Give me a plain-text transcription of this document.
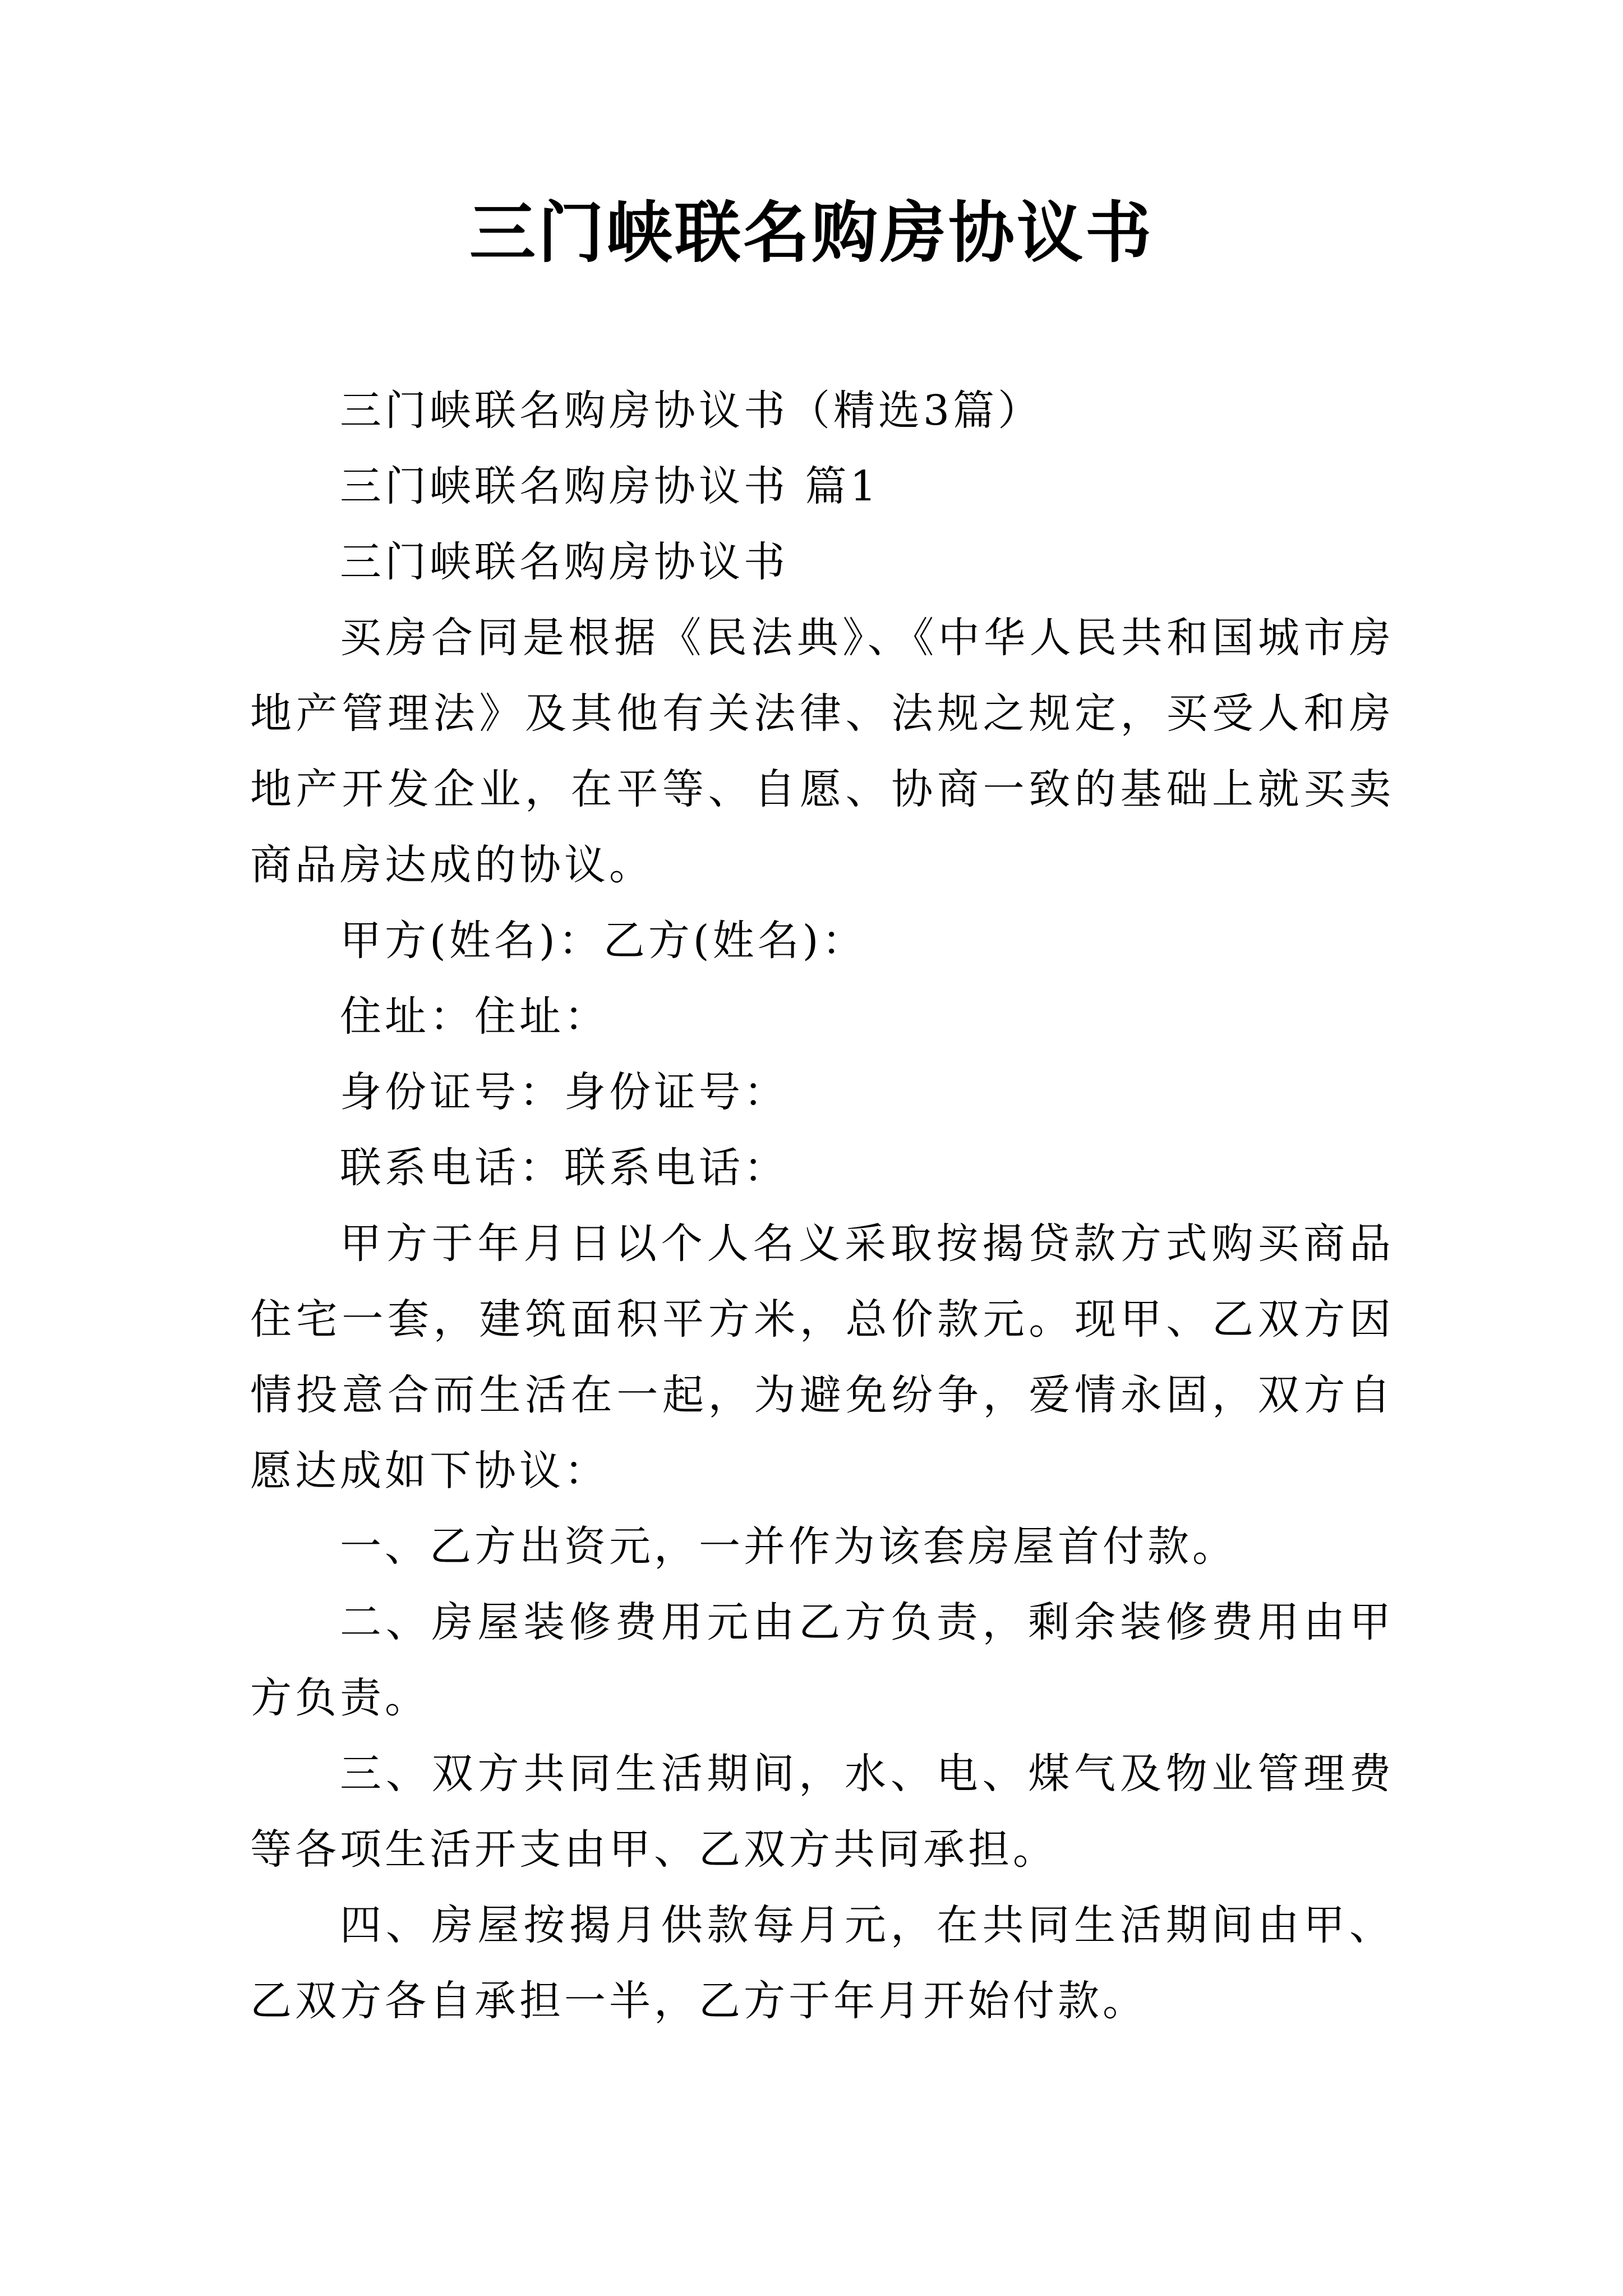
三门峡联名购房协议书

三门峡联名购房协议书（精选3篇）

三门峡联名购房协议书 篇1

三门峡联名购房协议书

买房合同是根据《民法典》、《中华人民共和国城市房地产管理法》及其他有关法律、法规之规定，买受人和房地产开发企业，在平等、自愿、协商一致的基础上就买卖商品房达成的协议。

甲方(姓名)：乙方(姓名)：

住址：住址：

身份证号：身份证号：

联系电话：联系电话：

甲方于年月日以个人名义采取按揭贷款方式购买商品住宅一套，建筑面积平方米，总价款元。现甲、乙双方因情投意合而生活在一起，为避免纷争，爱情永固，双方自愿达成如下协议：

一、乙方出资元，一并作为该套房屋首付款。

二、房屋装修费用元由乙方负责，剩余装修费用由甲方负责。

三、双方共同生活期间，水、电、煤气及物业管理费等各项生活开支由甲、乙双方共同承担。

四、房屋按揭月供款每月元，在共同生活期间由甲、乙双方各自承担一半，乙方于年月开始付款。
